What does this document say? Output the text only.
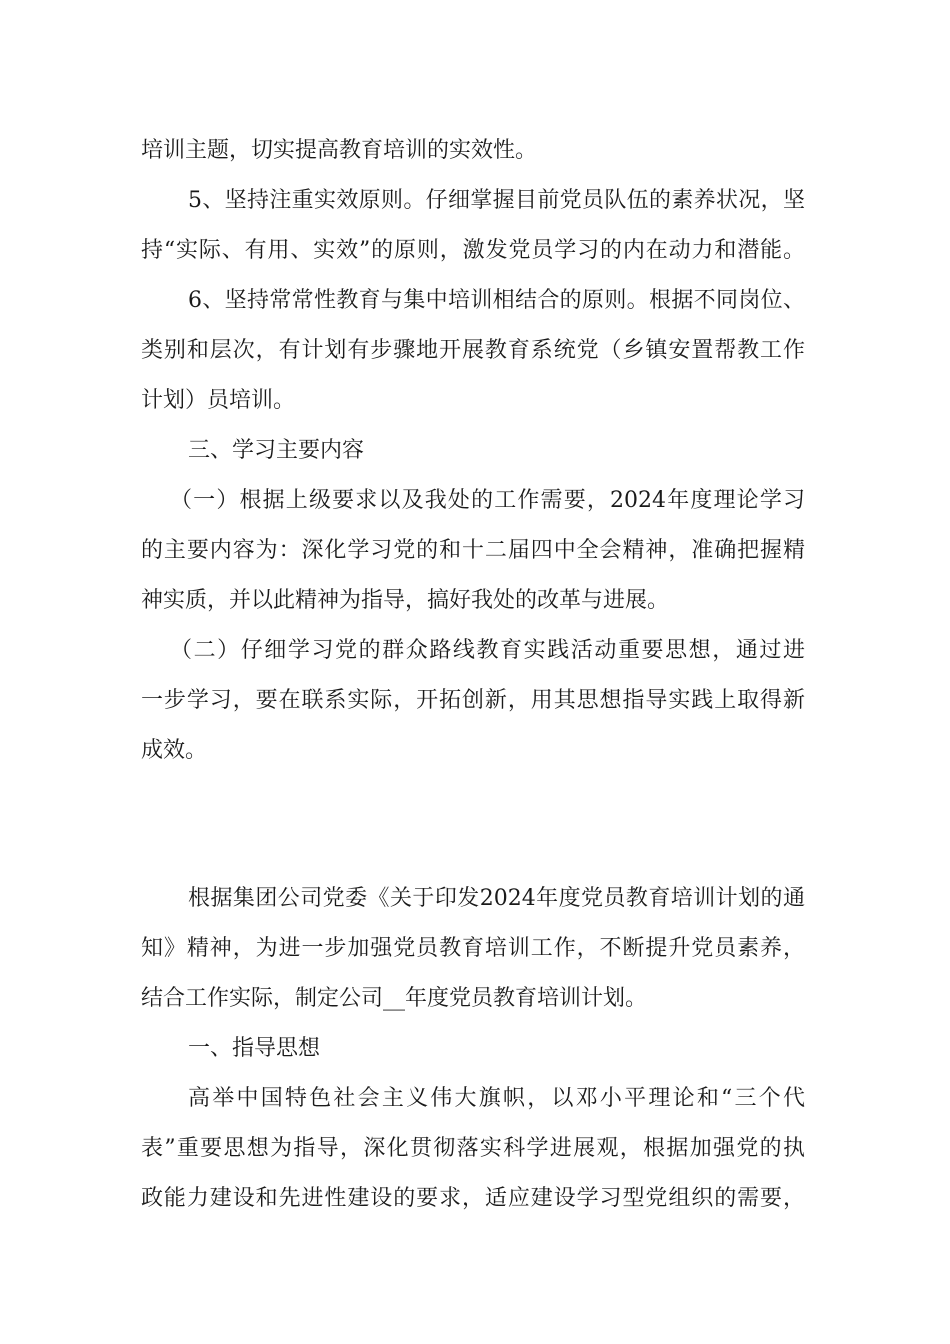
培训主题，切实提高教育培训的实效性。
5、坚持注重实效原则。仔细掌握目前党员队伍的素养状况，坚
持“实际、有用、实效”的原则，激发党员学习的内在动力和潜能。
6、坚持常常性教育与集中培训相结合的原则。根据不同岗位、
类别和层次，有计划有步骤地开展教育系统党（乡镇安置帮教工作
计划）员培训。
三、学习主要内容
（一）根据上级要求以及我处的工作需要，2024年度理论学习
的主要内容为：深化学习党的和十二届四中全会精神，准确把握精
神实质，并以此精神为指导，搞好我处的改革与进展。
（二）仔细学习党的群众路线教育实践活动重要思想，通过进
一步学习，要在联系实际，开拓创新，用其思想指导实践上取得新
成效。
根据集团公司党委《关于印发2024年度党员教育培训计划的通
知》精神，为进一步加强党员教育培训工作，不断提升党员素养，
结合工作实际，制定公司__年度党员教育培训计划。
一、指导思想
高举中国特色社会主义伟大旗帜，以邓小平理论和“三个代
表”重要思想为指导，深化贯彻落实科学进展观，根据加强党的执
政能力建设和先进性建设的要求，适应建设学习型党组织的需要，
